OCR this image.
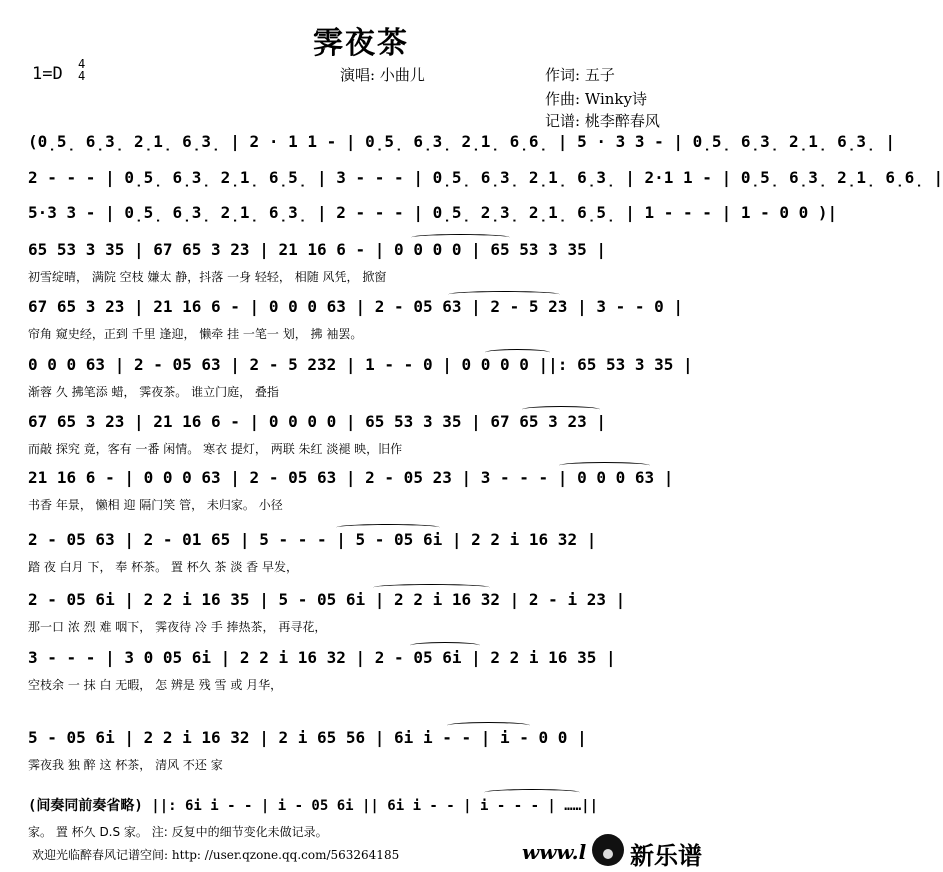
霁夜茶
1=D 4
4	演唱: 小曲儿	作词: 五子
作曲: Winky诗
记谱: 桃李醉春风
(0̣5̣ 6̣3̣ 2̣1̣ 6̣3̣ | 2 · 1 1 - | 0̣5̣ 6̣3̣ 2̣1̣ 6̣6̣ | 5 · 3 3 - | 0̣5̣ 6̣3̣ 2̣1̣ 6̣3̣ |
2 - - - | 0̣5̣ 6̣3̣ 2̣1̣ 6̣5̣ | 3 - - - | 0̣5̣ 6̣3̣ 2̣1̣ 6̣3̣ | 2·1 1 - | 0̣5̣ 6̣3̣ 2̣1̣ 6̣6̣ |
5·3 3 - | 0̣5̣ 6̣3̣ 2̣1̣ 6̣3̣ | 2 - - - | 0̣5̣ 2̣3̣ 2̣1̣ 6̣5̣ | 1 - - - | 1 - 0 0 )|
65 53 3 35 | 67 65 3 23 | 21 16 6 - | 0 0 0 0 | 65 53 3 35 |
初雪绽晴， 满院 空枝 嫌太 静，抖落 一身 轻轻， 相随 风凭， 掀窗
67 65 3 23 | 21 16 6 - | 0 0 0 63 | 2 - 05 63 | 2 - 5 23 | 3 - - 0 |
帘角 窥史经，正到 千里 逢迎， 懒牵 挂 一笔一 划， 拂 袖罢。
0 0 0 63 | 2 - 05 63 | 2 - 5 232 | 1 - - 0 | 0 0 0 0 ||: 65 53 3 35 |
渐蓉 久 拂笔添 蜡， 霁夜茶。 谁立门庭， 叠指
67 65 3 23 | 21 16 6 - | 0 0 0 0 | 65 53 3 35 | 67 65 3 23 |
而敲 探究 竟，客有 一番 闲情。 寒衣 提灯， 两联 朱红 淡褪 映，旧作
21 16 6 - | 0 0 0 63 | 2 - 05 63 | 2 - 05 23 | 3 - - - | 0 0 0 63 |
书香 年景， 懒相 迎 隔门笑 管， 未归家。 小径
2 - 05 63 | 2 - 01 65 | 5 - - - | 5 - 05 6i | 2 2 i 16 32 |
踏 夜 白月 下， 奉 杯茶。 置 杯久 茶 淡 香 早发，
2 - 05 6i | 2 2 i 16 35 | 5 - 05 6i | 2 2 i 16 32 | 2 - i 23 |
那一口 浓 烈 难 咽下， 霁夜待 冷 手 捧热茶， 再寻花，
3 - - - | 3 0 05 6i | 2 2 i 16 32 | 2 - 05 6i | 2 2 i 16 35 |
空枝余 一 抹 白 无暇， 怎 辨是 残 雪 或 月华，
5 - 05 6i | 2 2 i 16 32 | 2 i 65 56 | 6i i - - | i - 0 0 |
霁夜我 独 醉 这 杯茶， 清风 不还 家
(间奏同前奏省略) ||: 6i i - - | i - 05 6i || 6i i - - | i - - - | ……||
家。 置 杯久 D.S 家。 注: 反复中的细节变化未做记录。
欢迎光临醉春风记谱空间: http: //user.qzone.qq.com/563264185	www.l 新乐谱
